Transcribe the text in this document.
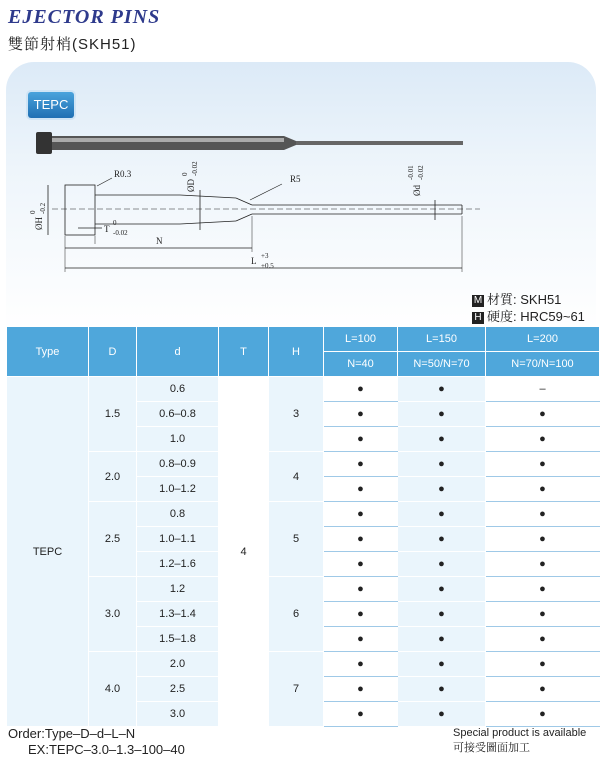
EJECTOR PINS
雙節射梢(SKH51)
TEPC
R0.3	R5
N
L +3
+0.5
T
0
-0.02
ØH
0 -0.2
ØD
0 -0.02
Ød
-0.01 -0.02
M 材質: SKH51
H 硬度: HRC59~61
Type	D	d	T	H	L=100	L=150	L=200
					N=40	N=50/N=70	N=70/N=100
TEPC	1.5	0.6	4	3	●	●	–
		0.6–0.8			●	●	●
		1.0			●	●	●
	2.0	0.8–0.9		4	●	●	●
		1.0–1.2			●	●	●
	2.5	0.8		5	●	●	●
		1.0–1.1			●	●	●
		1.2–1.6			●	●	●
	3.0	1.2		6	●	●	●
		1.3–1.4			●	●	●
		1.5–1.8			●	●	●
	4.0	2.0		7	●	●	●
		2.5			●	●	●
		3.0			●	●	●
Order:Type–D–d–L–N
EX:TEPC–3.0–1.3–100–40
Special product is available
可接受圖面加工
